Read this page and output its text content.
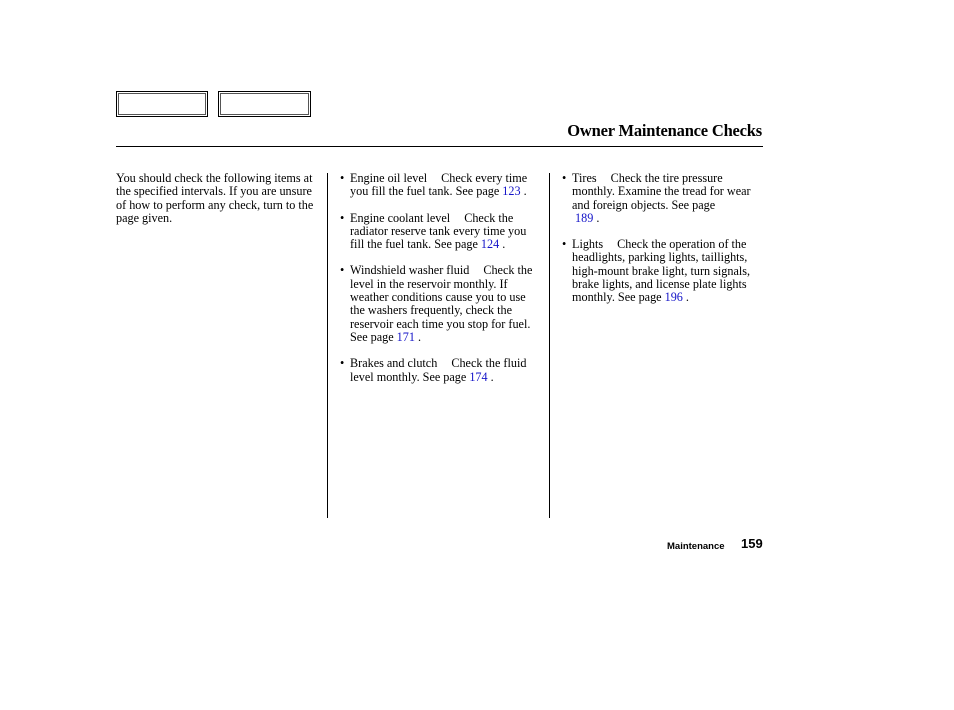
Owner Maintenance Checks
You should check the following items at the specified intervals. If you are unsure of how to perform any check, turn to the page given.
• Engine oil level Check every time you fill the fuel tank. See page 123 .
• Engine coolant level Check the radiator reserve tank every time you fill the fuel tank. See page 124 .
• Windshield washer fluid Check the level in the reservoir monthly. If weather conditions cause you to use the washers frequently, check the reservoir each time you stop for fuel. See page 171 .
• Brakes and clutch Check the fluid level monthly. See page 174 .
• Tires Check the tire pressure monthly. Examine the tread for wear and foreign objects. See page
189 .
• Lights Check the operation of the headlights, parking lights, taillights, high-mount brake light, turn signals, brake lights, and license plate lights monthly. See page 196 .
Maintenance 159
